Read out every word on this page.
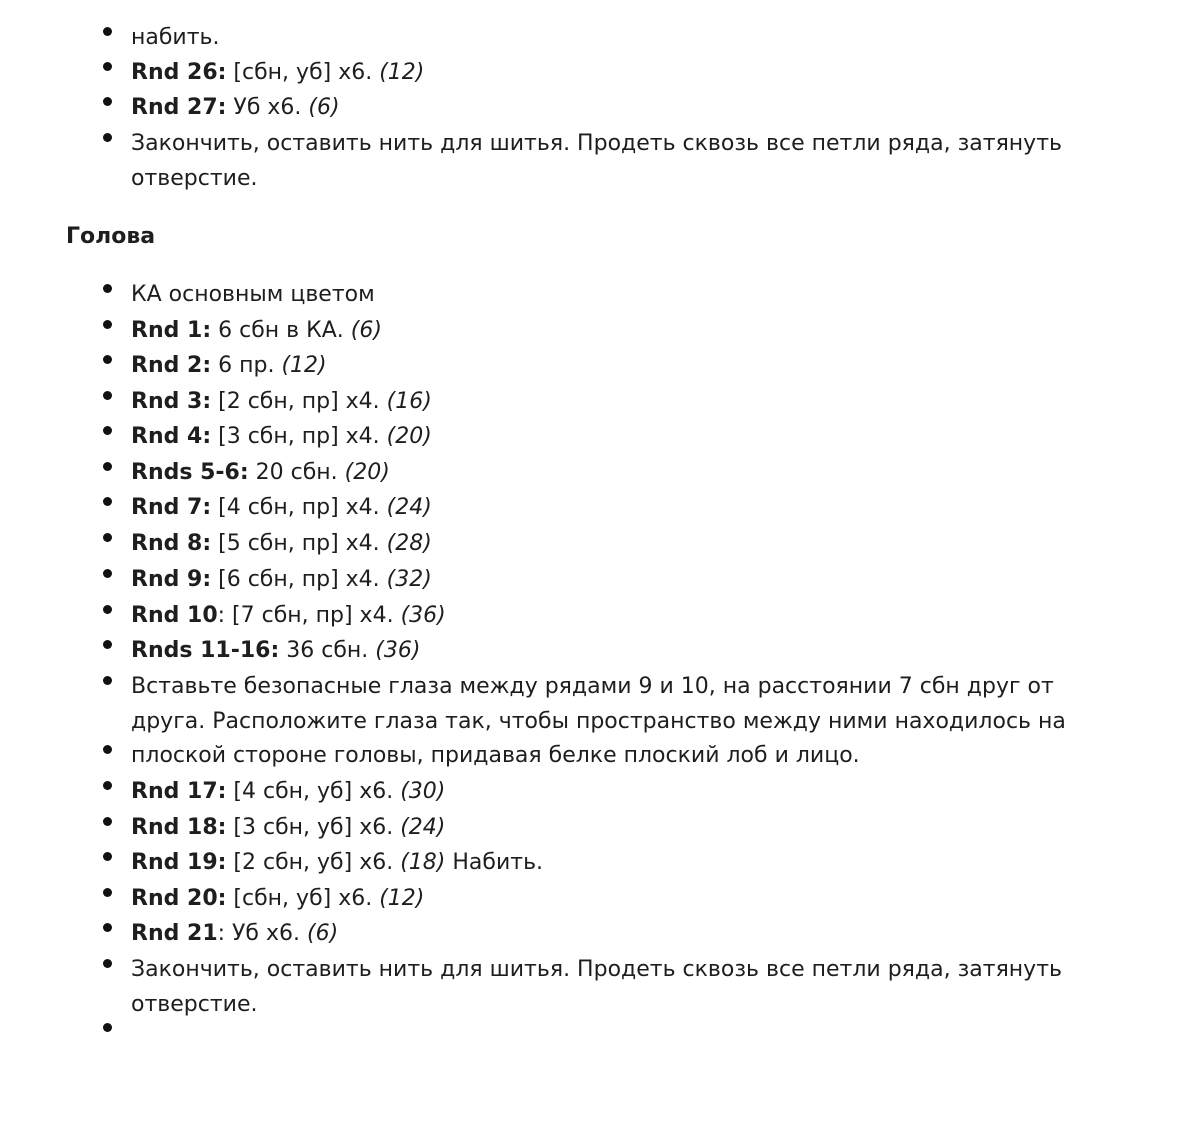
набить.
Rnd 26: [сбн, уб] х6. (12)
Rnd 27: Уб х6. (6)
Закончить, оставить нить для шитья. Продеть сквозь все петли ряда, затянуть
отверстие.
Голова
КА основным цветом
Rnd 1: 6 сбн в КА. (6)
Rnd 2: 6 пр. (12)
Rnd 3: [2 сбн, пр] х4. (16)
Rnd 4: [3 сбн, пр] х4. (20)
Rnds 5-6: 20 сбн. (20)
Rnd 7: [4 сбн, пр] х4. (24)
Rnd 8: [5 сбн, пр] х4. (28)
Rnd 9: [6 сбн, пр] х4. (32)
Rnd 10: [7 сбн, пр] х4. (36)
Rnds 11-16: 36 сбн. (36)
Вставьте безопасные глаза между рядами 9 и 10, на расстоянии 7 сбн друг от
друга. Расположите глаза так, чтобы пространство между ними находилось на
плоской стороне головы, придавая белке плоский лоб и лицо.
Rnd 17: [4 сбн, уб] х6. (30)
Rnd 18: [3 сбн, уб] х6. (24)
Rnd 19: [2 сбн, уб] х6. (18) Набить.
Rnd 20: [сбн, уб] х6. (12)
Rnd 21: Уб х6. (6)
Закончить, оставить нить для шитья. Продеть сквозь все петли ряда, затянуть
отверстие.
